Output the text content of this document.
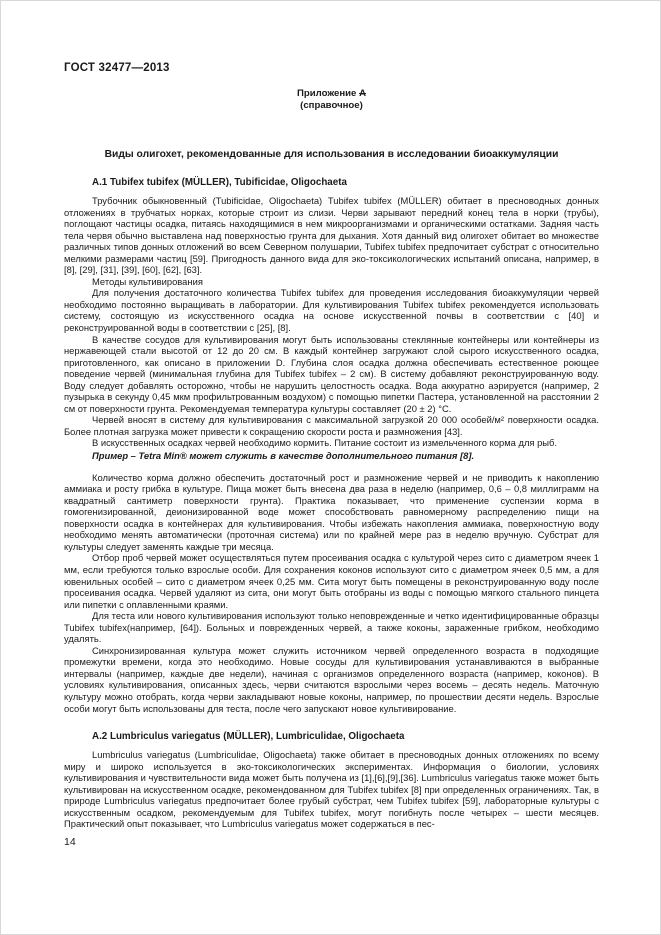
ГОСТ 32477—2013
Приложение А
(справочное)
Виды олигохет, рекомендованные для использования в исследовании биоаккумуляции
А.1 Tubifex tubifex (MÜLLER), Tubificidae, Oligochaeta

Трубочник обыкновенный (Tubificidae, Oligochaeta) Tubifex tubifex (MÜLLER) обитает в пресноводных донных отложениях в трубчатых норках, которые строит из слизи. Черви зарывают передний конец тела в норки (трубы), поглощают частицы осадка, питаясь находящимися в нем микроорганизмами и органическими остатками. Задняя часть тела червя обычно выставлена над поверхностью грунта для дыхания. Хотя данный вид олигохет обитает во множестве различных типов донных отложений во всем Северном полушарии, Tubifex tubifex предпочитает субстрат с относительно мелкими размерами частиц [59]. Пригодность данного вида для эко-токсикологических испытаний описана, например, в [8], [29], [31], [39], [60], [62], [63].

Методы культивирования

Для получения достаточного количества Tubifex tubifex для проведения исследования биоаккумуляции червей необходимо постоянно выращивать в лаборатории. Для культивирования Tubifex tubifex рекомендуется использовать систему, состоящую из искусственного осадка на основе искусственной почвы в соответствии с [40] и реконструированной воды в соответствии с [25], [8].

В качестве сосудов для культивирования могут быть использованы стеклянные контейнеры или контейнеры из нержавеющей стали высотой от 12 до 20 см. В каждый контейнер загружают слой сырого искусственного осадка, приготовленного, как описано в приложении D. Глубина слоя осадка должна обеспечивать естественное роющее поведение червей (минимальная глубина для Tubifex tubifex – 2 см). В систему добавляют реконструированную воду. Воду следует добавлять осторожно, чтобы не нарушить целостность осадка. Вода аккуратно аэрируется (например, 2 пузырька в секунду 0,45 мкм профильтрованным воздухом) с помощью пипетки Пастера, установленной на расстоянии 2 см от поверхности грунта. Рекомендуемая температура культуры составляет (20 ± 2) °С.

Червей вносят в систему для культивирования с максимальной загрузкой 20 000 особей/м² поверхности осадка. Более плотная загрузка может привести к сокращению скорости роста и размножения [43].

В искусственных осадках червей необходимо кормить. Питание состоит из измельченного корма для рыб.

Пример – Tetra Min® может служить в качестве дополнительного питания [8].

Количество корма должно обеспечить достаточный рост и размножение червей и не приводить к накоплению аммиака и росту грибка в культуре. Пища может быть внесена два раза в неделю (например, 0,6 – 0,8 миллиграмм на квадратный сантиметр поверхности грунта). Практика показывает, что применение суспензии корма в гомогенизированной, деионизированной воде может способствовать равномерному распределению пищи на поверхности осадка в контейнерах для культивирования. Чтобы избежать накопления аммиака, поверхностную воду необходимо менять автоматически (проточная система) или по крайней мере раз в неделю вручную. Субстрат для культуры следует заменять каждые три месяца.

Отбор проб червей может осуществляться путем просеивания осадка с культурой через сито с диаметром ячеек 1 мм, если требуются только взрослые особи. Для сохранения коконов используют сито с диаметром ячеек 0,5 мм, а для ювенильных особей – сито с диаметром ячеек 0,25 мм. Сита могут быть помещены в реконструированную воду после просеивания осадка. Червей удаляют из сита, они могут быть отобраны из воды с помощью мягкого стального пинцета или пипетки с оплавленными краями.

Для теста или нового культивирования используют только неповрежденные и четко идентифицированные образцы Tubifex tubifex(например, [64]). Больных и поврежденных червей, а также коконы, зараженные грибком, необходимо удалять.

Синхронизированная культура может служить источником червей определенного возраста в подходящие промежутки времени, когда это необходимо. Новые сосуды для культивирования устанавливаются в выбранные интервалы (например, каждые две недели), начиная с организмов определенного возраста (например, коконов). В условиях культивирования, описанных здесь, черви считаются взрослыми через восемь – десять недель. Маточную культуру можно отобрать, когда черви закладывают новые коконы, например, по прошествии десяти недель. Взрослые особи могут быть использованы для теста, после чего запускают новое культивирование.

А.2 Lumbriculus variegatus (MÜLLER), Lumbriculidae, Oligochaeta

Lumbriculus variegatus (Lumbriculidae, Oligochaeta) также обитает в пресноводных донных отложениях по всему миру и широко используется в эко-токсикологических экспериментах. Информация о биологии, условиях культивирования и чувствительности вида может быть получена из [1],[6],[9],[36]. Lumbriculus variegatus также может быть культивирован на искусственном осадке, рекомендованном для Tubifex tubifex [8] при определенных ограничениях. Так, в природе Lumbriculus variegatus предпочитает более грубый субстрат, чем Tubifex tubifex [59], лабораторные культуры с искусственным осадком, рекомендуемым для Tubifex tubifex, могут погибнуть после четырех – шести месяцев. Практический опыт показывает, что Lumbriculus variegatus может содержаться в пес-

14
